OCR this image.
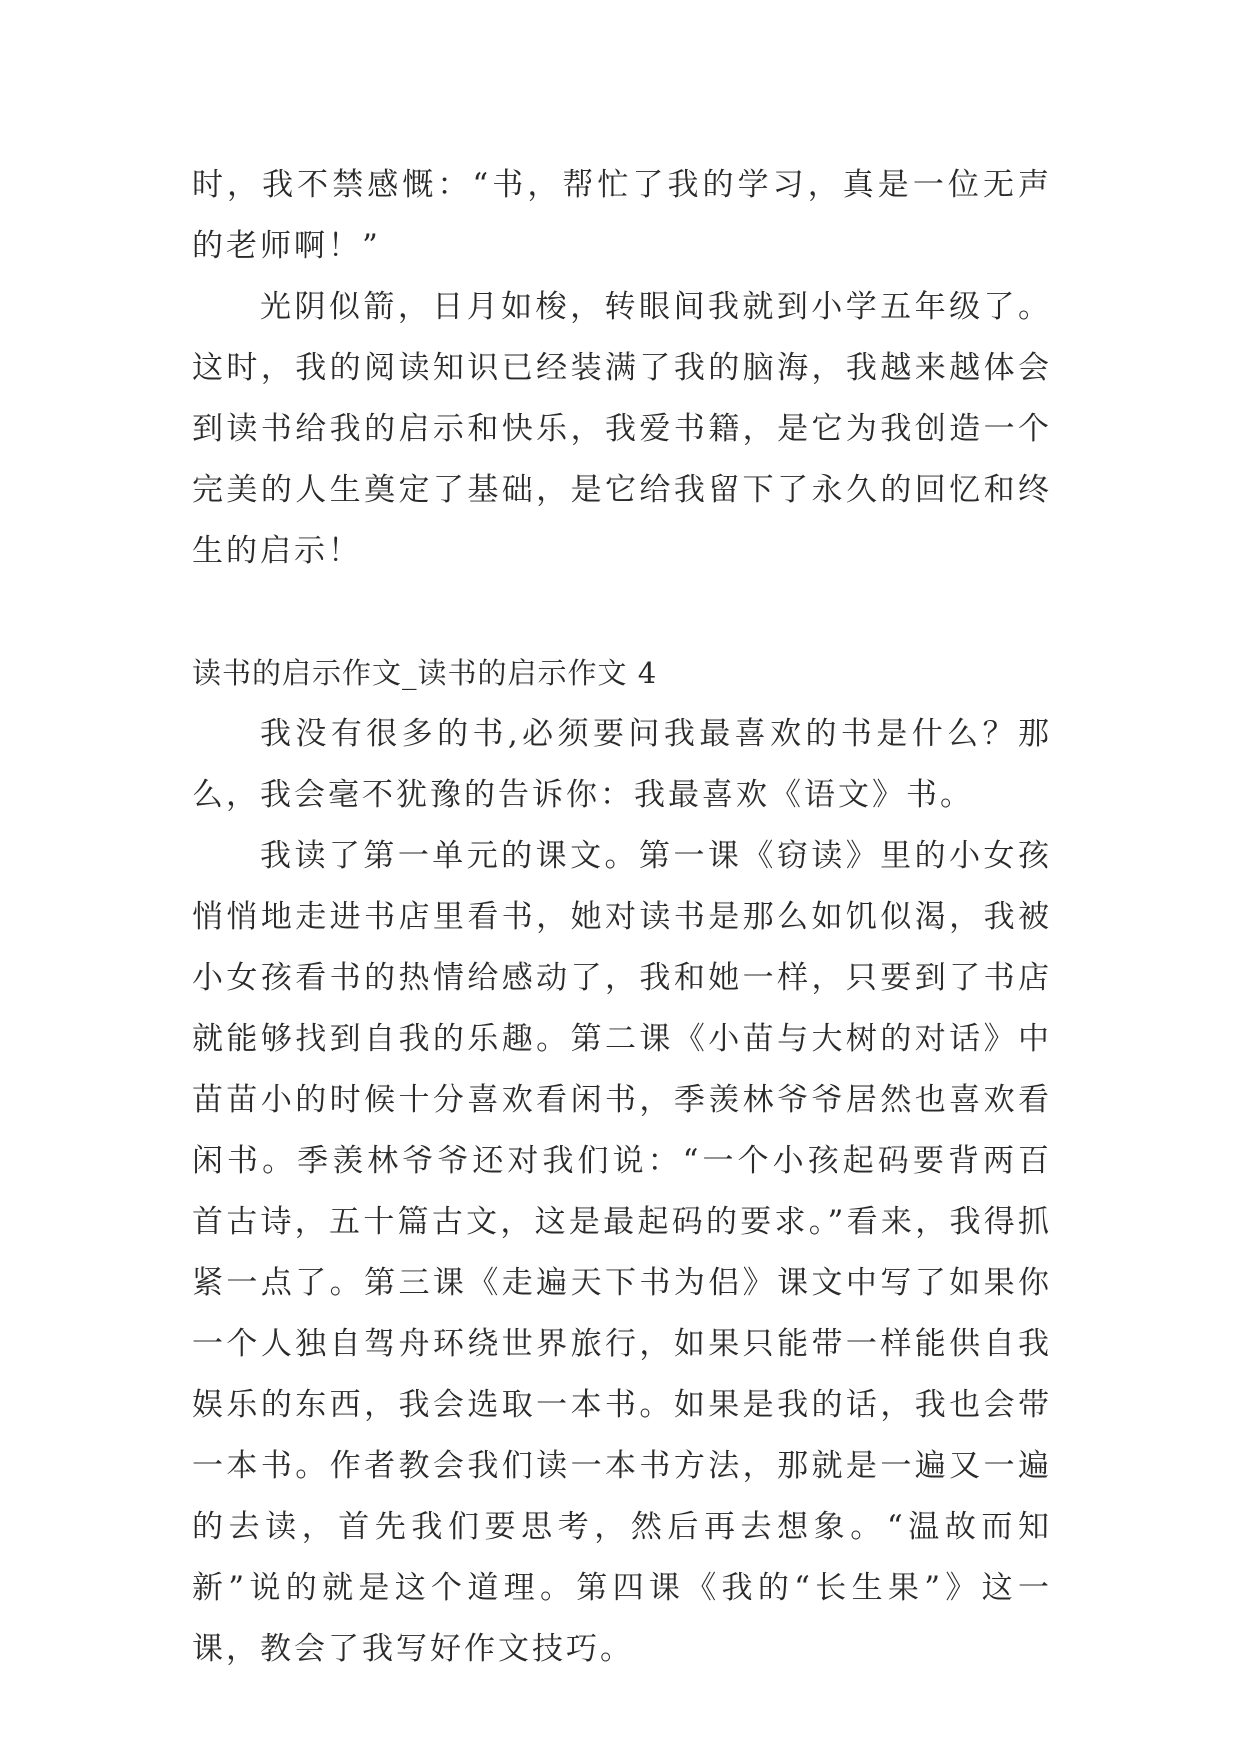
时，我不禁感慨：“书，帮忙了我的学习，真是一位无声的老师啊！”

光阴似箭，日月如梭，转眼间我就到小学五年级了。这时，我的阅读知识已经装满了我的脑海，我越来越体会到读书给我的启示和快乐，我爱书籍，是它为我创造一个完美的人生奠定了基础，是它给我留下了永久的回忆和终生的启示！

读书的启示作文_读书的启示作文 4

我没有很多的书,必须要问我最喜欢的书是什么？那么，我会毫不犹豫的告诉你：我最喜欢《语文》书。

我读了第一单元的课文。第一课《窃读》里的小女孩悄悄地走进书店里看书，她对读书是那么如饥似渴，我被小女孩看书的热情给感动了，我和她一样，只要到了书店就能够找到自我的乐趣。第二课《小苗与大树的对话》中苗苗小的时候十分喜欢看闲书，季羡林爷爷居然也喜欢看闲书。季羡林爷爷还对我们说：“一个小孩起码要背两百首古诗，五十篇古文，这是最起码的要求。”看来，我得抓紧一点了。第三课《走遍天下书为侣》课文中写了如果你一个人独自驾舟环绕世界旅行，如果只能带一样能供自我娱乐的东西，我会选取一本书。如果是我的话，我也会带一本书。作者教会我们读一本书方法，那就是一遍又一遍的去读，首先我们要思考，然后再去想象。“温故而知新”说的就是这个道理。第四课《我的“长生果”》这一课，教会了我写好作文技巧。
